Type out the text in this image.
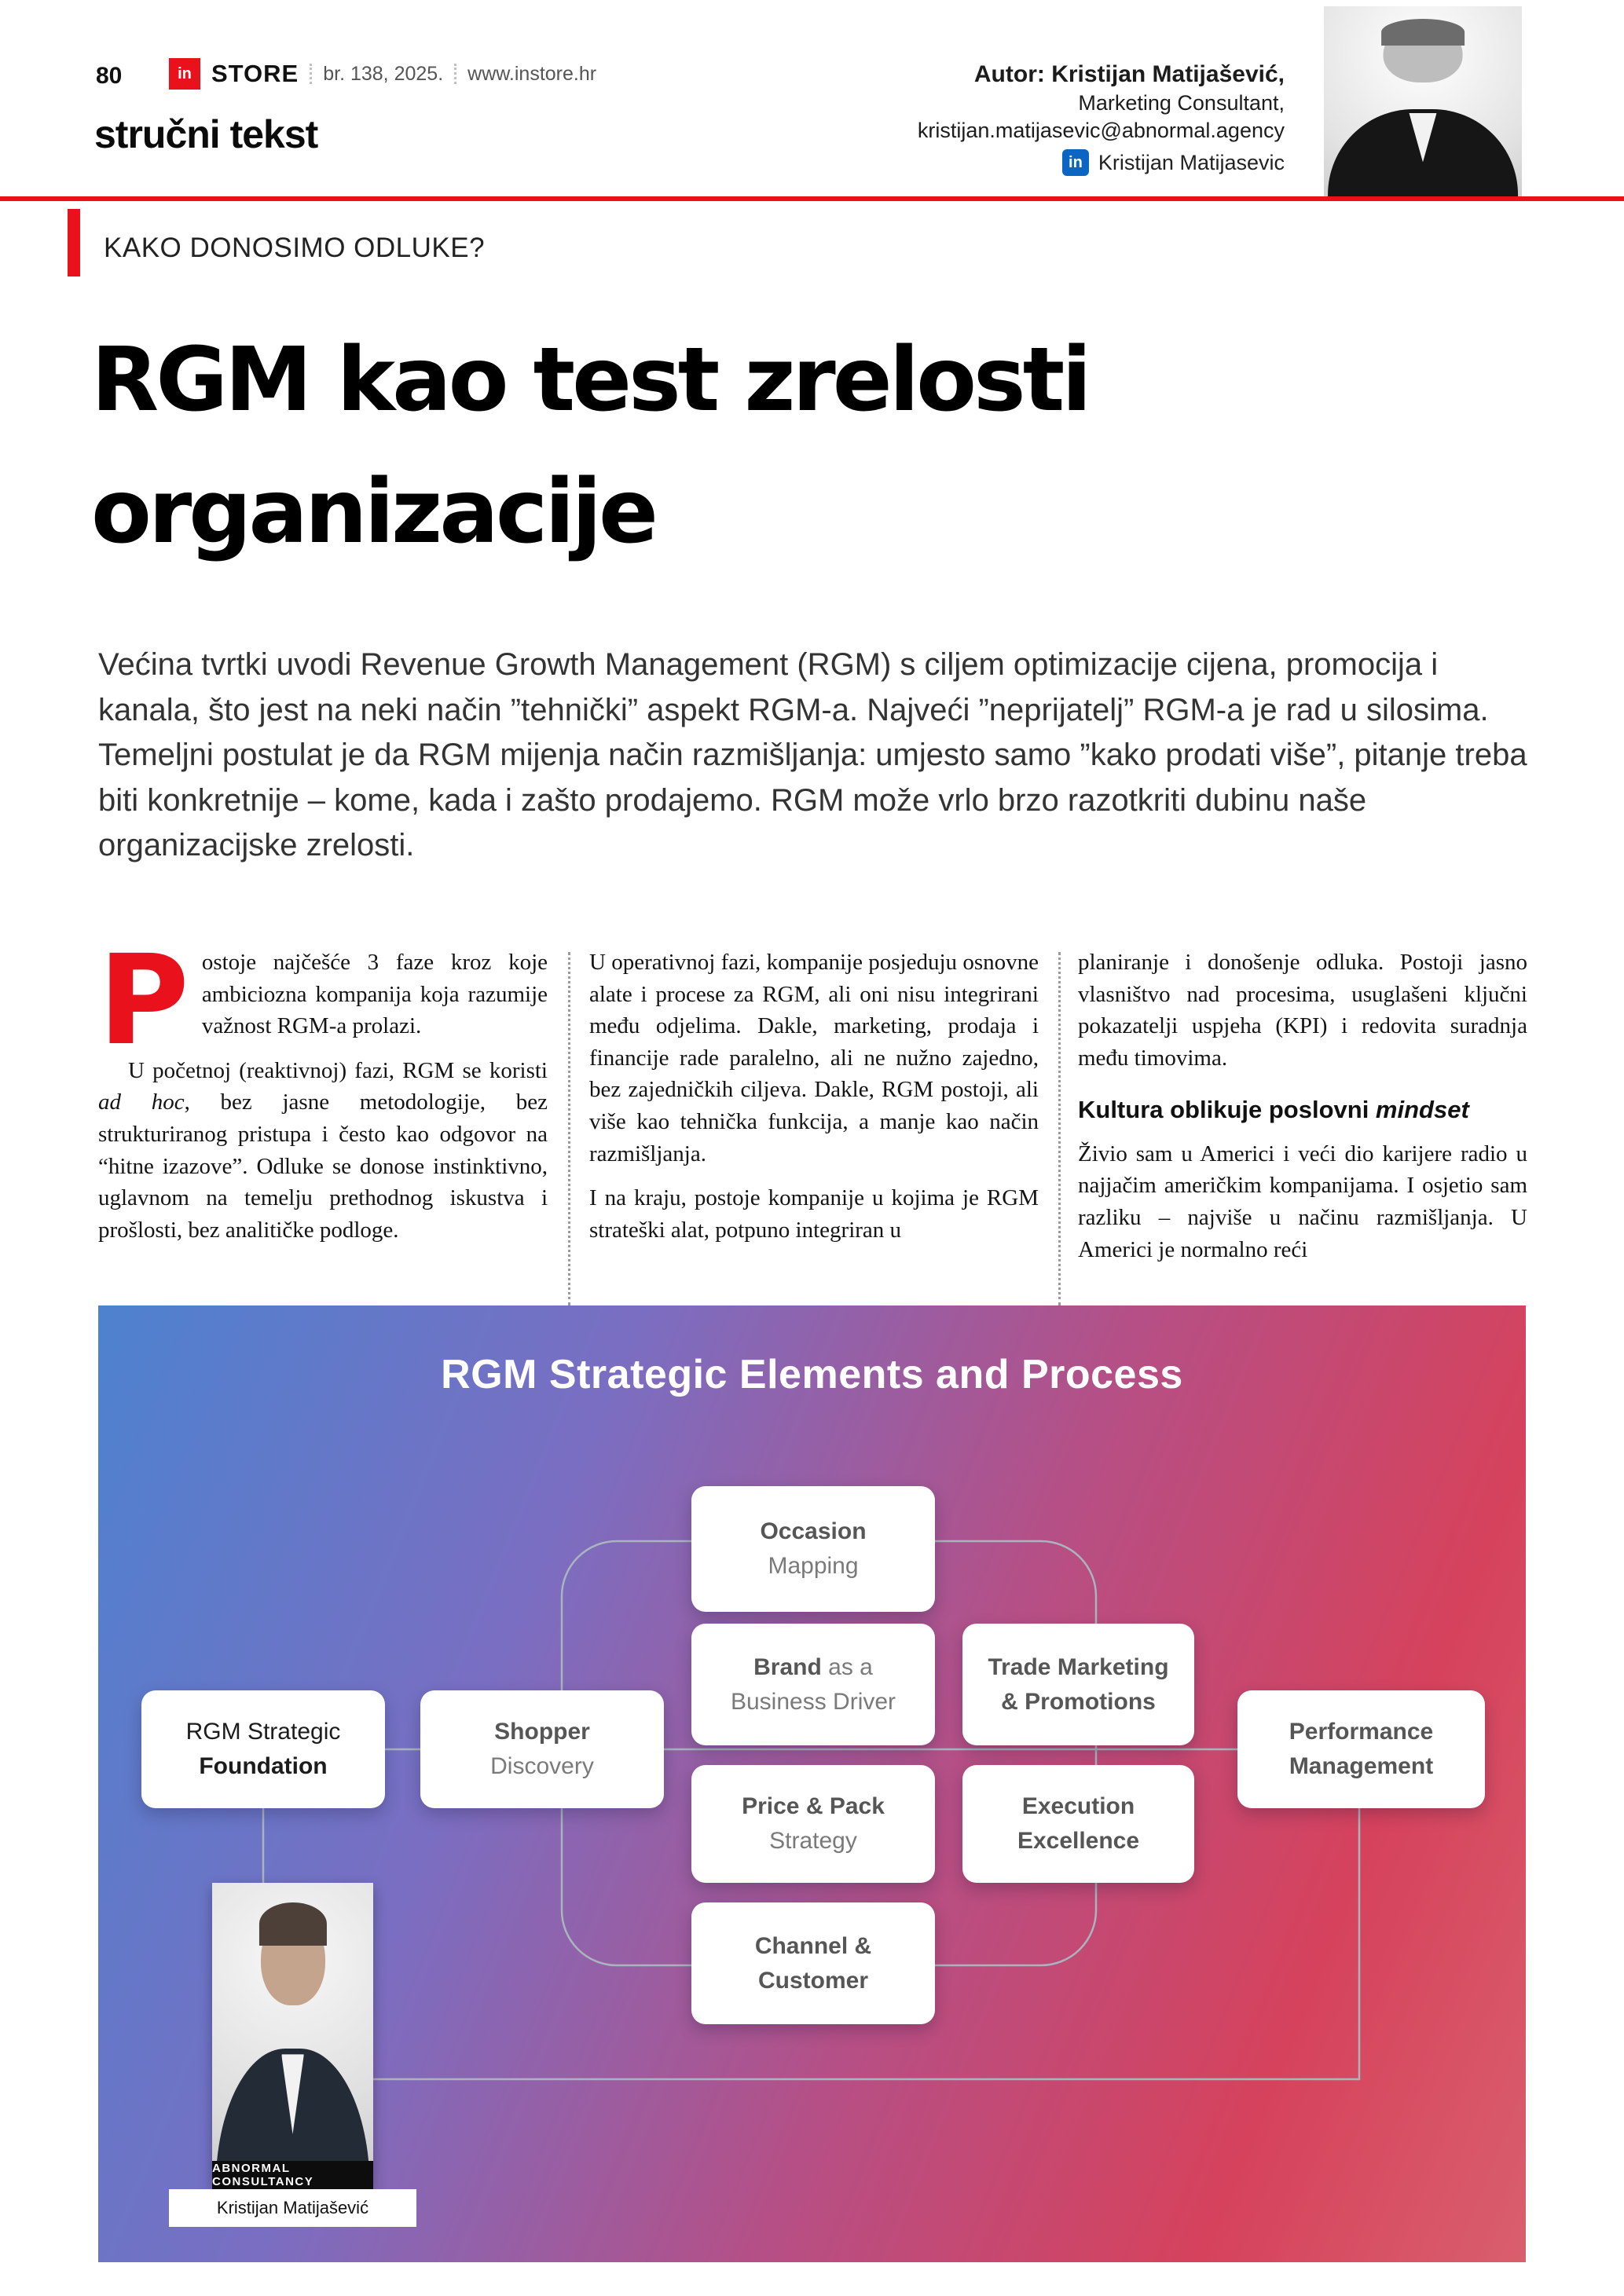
80	in STORE br. 138, 2025. www.instore.hr
stručni tekst
Autor: Kristijan Matijašević,
Marketing Consultant,
kristijan.matijasevic@abnormal.agency
in Kristijan Matijasevic
KAKO DONOSIMO ODLUKE?
RGM kao test zrelosti
organizacije
Većina tvrtki uvodi Revenue Growth Management (RGM) s ciljem optimizacije cijena, promocija i kanala, što jest na neki način ”tehnički” aspekt RGM-a. Najveći ”neprijatelj” RGM-a je rad u silosima. Temeljni postulat je da RGM mijenja način razmišljanja: umjesto samo ”kako prodati više”, pitanje treba biti konkretnije – kome, kada i zašto prodajemo. RGM može vrlo brzo razotkriti dubinu naše organizacijske zrelosti.

Postoje najčešće 3 faze kroz koje ambiciozna kompanija koja razumije važnost RGM-a prolazi.

U početnoj (reaktivnoj) fazi, RGM se koristi ad hoc, bez jasne metodologije, bez strukturiranog pristupa i često kao odgovor na “hitne izazove”. Odluke se donose instinktivno, uglavnom na temelju prethodnog iskustva i prošlosti, bez analitičke podloge.

U operativnoj fazi, kompanije posjeduju osnovne alate i procese za RGM, ali oni nisu integrirani među odjelima. Dakle, marketing, prodaja i financije rade paralelno, ali ne nužno zajedno, bez zajedničkih ciljeva. Dakle, RGM postoji, ali više kao tehnička funkcija, a manje kao način razmišljanja.

I na kraju, postoje kompanije u kojima je RGM strateški alat, potpuno integriran u

planiranje i donošenje odluka. Postoji jasno vlasništvo nad procesima, usuglašeni ključni pokazatelji uspjeha (KPI) i redovita suradnja među timovima.

Kultura oblikuje poslovni mindset

Živio sam u Americi i veći dio karijere radio u najjačim američkim kompanijama. I osjetio sam razliku – najviše u načinu razmišljanja. U Americi je normalno reći

RGM Strategic Elements and Process
Occasion
Mapping
Brand as a
Business Driver
Trade Marketing
& Promotions
RGM Strategic
Foundation
Shopper
Discovery
Price & Pack
Strategy
Execution
Excellence
Performance
Management
Channel &
Customer
ABNORMAL CONSULTANCY
Kristijan Matijašević
